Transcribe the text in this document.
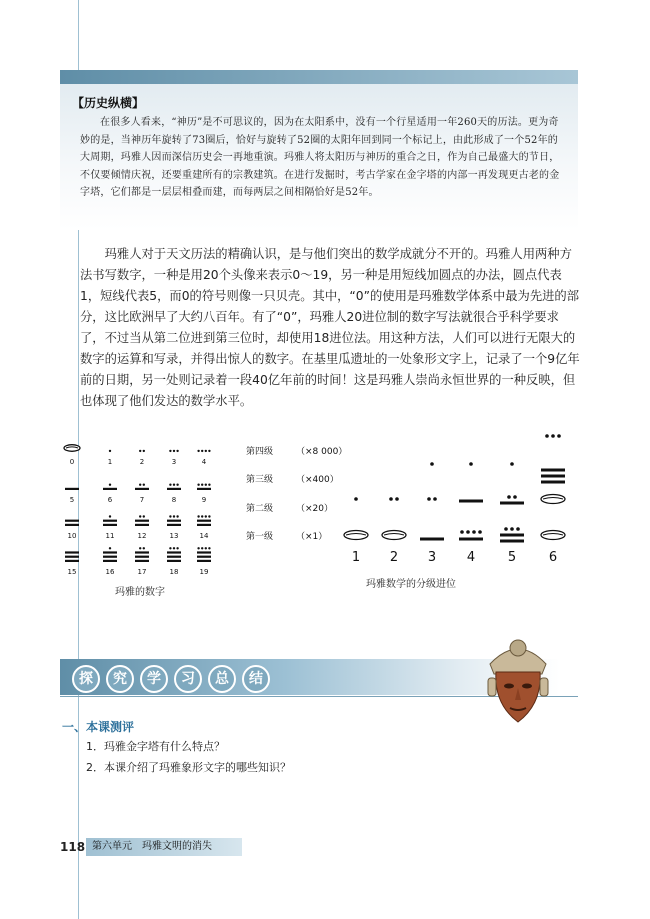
【历史纵横】
在很多人看来，“神历”是不可思议的，因为在太阳系中，没有一个行星适用一年260天的历法。更为奇妙的是，当神历年旋转了73圈后，恰好与旋转了52圈的太阳年回到同一个标记上，由此形成了一个52年的大周期，玛雅人因而深信历史会一再地重演。玛雅人将太阳历与神历的重合之日，作为自己最盛大的节日，不仅要倾情庆祝，还要重建所有的宗教建筑。在进行发掘时，考古学家在金字塔的内部一再发现更古老的金字塔，它们都是一层层相叠而建，而每两层之间相隔恰好是52年。
玛雅人对于天文历法的精确认识，是与他们突出的数学成就分不开的。玛雅人用两种方法书写数字，一种是用20个头像来表示0～19，另一种是用短线加圆点的办法，圆点代表1，短线代表5，而0的符号则像一只贝壳。其中，“0”的使用是玛雅数学体系中最为先进的部分，这比欧洲早了大约八百年。有了“0”，玛雅人20进位制的数字写法就很合乎科学要求了，不过当从第二位进到第三位时，却使用18进位法。用这种方法，人们可以进行无限大的数字的运算和写录，并得出惊人的数字。在基里瓜遗址的一处象形文字上，记录了一个9亿年前的日期，另一处则记录着一段40亿年前的时间！这是玛雅人崇尚永恒世界的一种反映，但也体现了他们发达的数学水平。
0	1	2	3	4
5	6	7	8	9
10	11	12	13	14
15	16	17	18	19
玛雅的数字
第四级	（×8 000）
第三级	（×400）
第二级	（×20）
第一级	（×1）
1 2 3 4	5	6
玛雅数学的分级进位
探	究	学	习	总	结
一、本课测评
1．玛雅金字塔有什么特点？
2．本课介绍了玛雅象形文字的哪些知识？
118 第六单元　玛雅文明的消失
